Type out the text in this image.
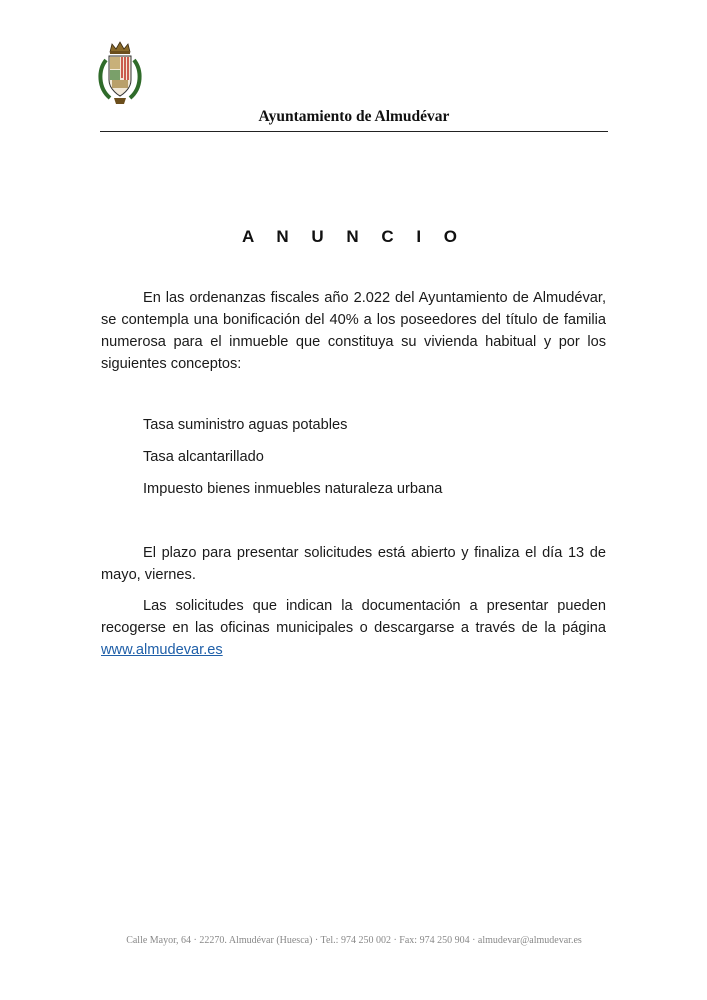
Ayuntamiento de Almudévar
A N U N C I O

En las ordenanzas fiscales año 2.022 del Ayuntamiento de Almudévar, se contempla una bonificación del 40% a los poseedores del título de familia numerosa para el inmueble que constituya su vivienda habitual y por los siguientes conceptos:

Tasa suministro aguas potables
Tasa alcantarillado
Impuesto bienes inmuebles naturaleza urbana

El plazo para presentar solicitudes está abierto y finaliza el día 13 de mayo, viernes.

Las solicitudes que indican la documentación a presentar pueden recogerse en las oficinas municipales o descargarse a través de la página www.almudevar.es

Calle Mayor, 64 · 22270. Almudévar (Huesca) · Tel.: 974 250 002 · Fax: 974 250 904 · almudevar@almudevar.es
